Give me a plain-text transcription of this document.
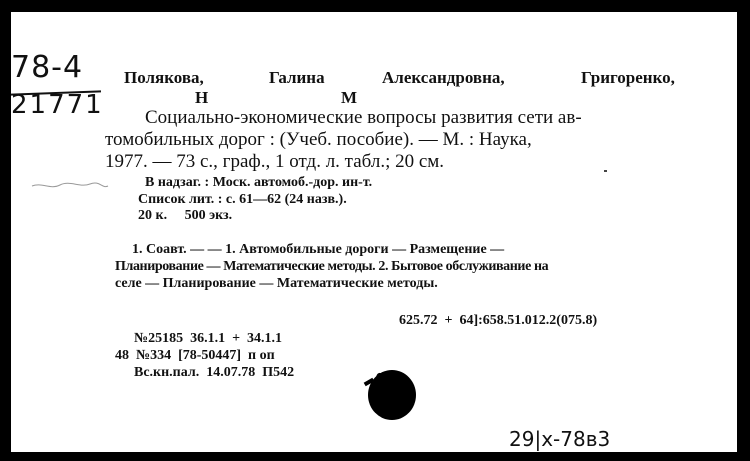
78-4
21771
Полякова,	Галина	Александровна,	Григоренко,
Н	М
Социально-экономические вопросы развития сети ав-
томобильных дорог : (Учеб. пособие). — М. : Наука,
1977. — 73 с., граф., 1 отд. л. табл.; 20 см.
В надзаг. : Моск. автомоб.-дор. ин-т.
Список лит. : с. 61—62 (24 назв.).
20 к.     500 экз.
1. Соавт. — — 1. Автомобильные дороги — Размещение —
Планирование — Математические методы. 2. Бытовое обслуживание на
селе — Планирование — Математические методы.
625.72  +  64]:658.51.012.2(075.8)
№25185  36.1.1  +  34.1.1
48  №334  [78-50447]  п оп
Вс.кн.пал.  14.07.78  П542
29|х-78в3
